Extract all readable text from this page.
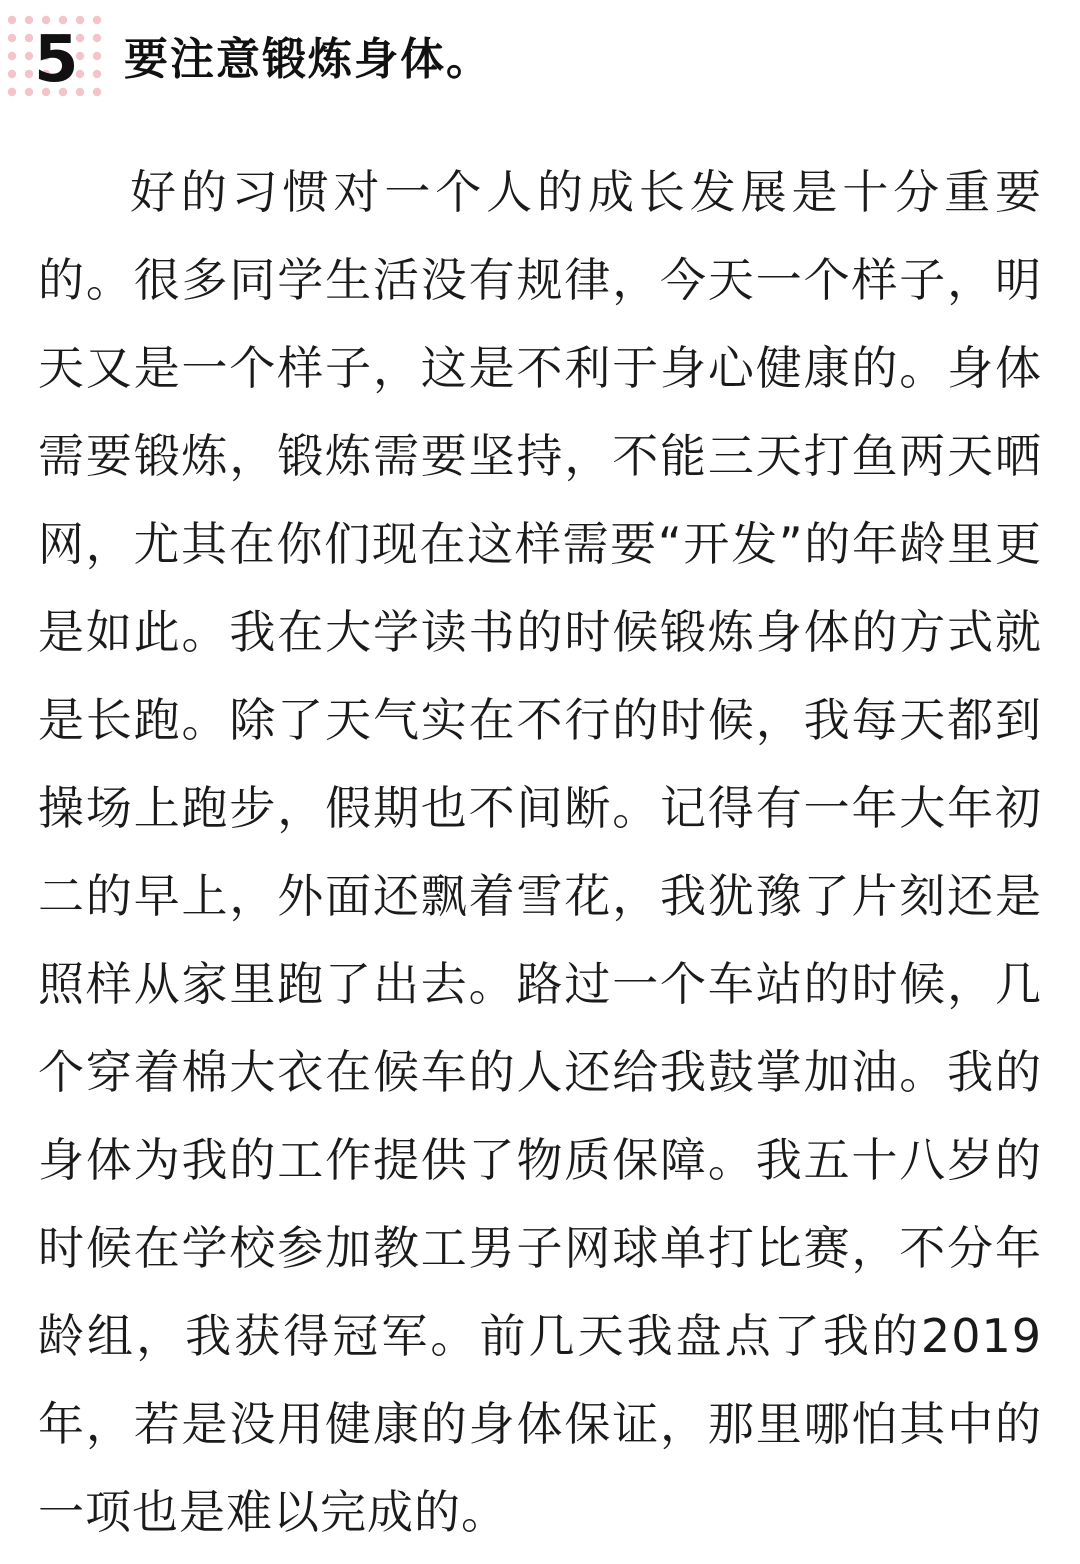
5 要注意锻炼身体。

好的习惯对一个人的成长发展是十分重要的。很多同学生活没有规律，今天一个样子，明天又是一个样子，这是不利于身心健康的。身体需要锻炼，锻炼需要坚持，不能三天打鱼两天晒网，尤其在你们现在这样需要“开发”的年龄里更是如此。我在大学读书的时候锻炼身体的方式就是长跑。除了天气实在不行的时候，我每天都到操场上跑步，假期也不间断。记得有一年大年初二的早上，外面还飘着雪花，我犹豫了片刻还是照样从家里跑了出去。路过一个车站的时候，几个穿着棉大衣在候车的人还给我鼓掌加油。我的身体为我的工作提供了物质保障。我五十八岁的时候在学校参加教工男子网球单打比赛，不分年龄组，我获得冠军。前几天我盘点了我的2019年，若是没用健康的身体保证，那里哪怕其中的一项也是难以完成的。
